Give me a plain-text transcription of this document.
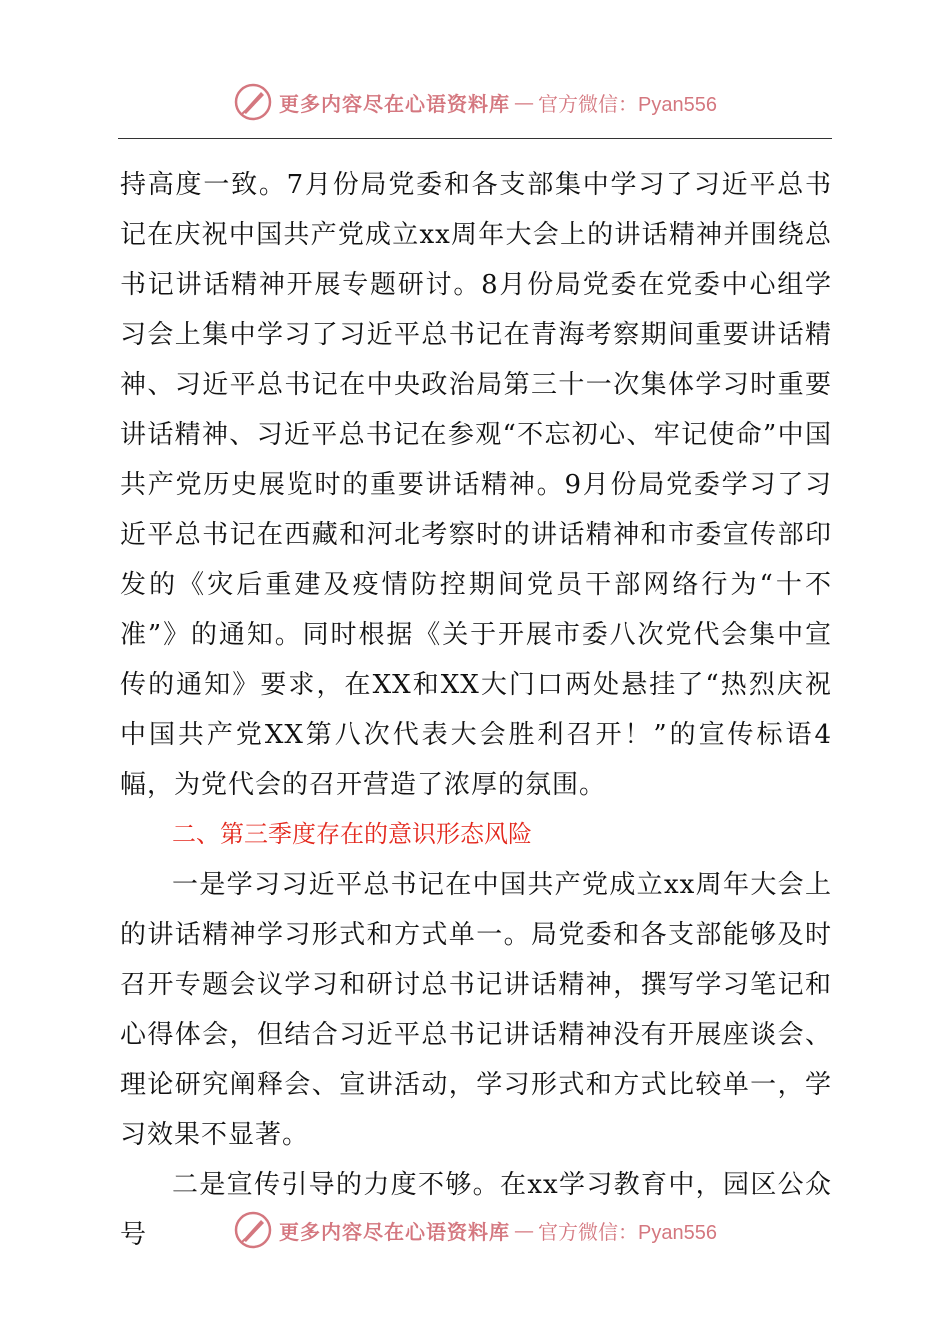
更多内容尽在心语资料库 — 官方微信：Pyan556

持高度一致。7月份局党委和各支部集中学习了习近平总书记在庆祝中国共产党成立xx周年大会上的讲话精神并围绕总书记讲话精神开展专题研讨。8月份局党委在党委中心组学习会上集中学习了习近平总书记在青海考察期间重要讲话精神、习近平总书记在中央政治局第三十一次集体学习时重要讲话精神、习近平总书记在参观“不忘初心、牢记使命”中国共产党历史展览时的重要讲话精神。9月份局党委学习了习近平总书记在西藏和河北考察时的讲话精神和市委宣传部印发的《灾后重建及疫情防控期间党员干部网络行为“十不准”》的通知。同时根据《关于开展市委八次党代会集中宣传的通知》要求，在XX和XX大门口两处悬挂了“热烈庆祝中国共产党XX第八次代表大会胜利召开！”的宣传标语4幅，为党代会的召开营造了浓厚的氛围。

二、第三季度存在的意识形态风险

一是学习习近平总书记在中国共产党成立xx周年大会上的讲话精神学习形式和方式单一。局党委和各支部能够及时召开专题会议学习和研讨总书记讲话精神，撰写学习笔记和心得体会，但结合习近平总书记讲话精神没有开展座谈会、理论研究阐释会、宣讲活动，学习形式和方式比较单一，学习效果不显著。

二是宣传引导的力度不够。在xx学习教育中，园区公众号	更多内容尽在心语资料库 — 官方微信：Pyan556
